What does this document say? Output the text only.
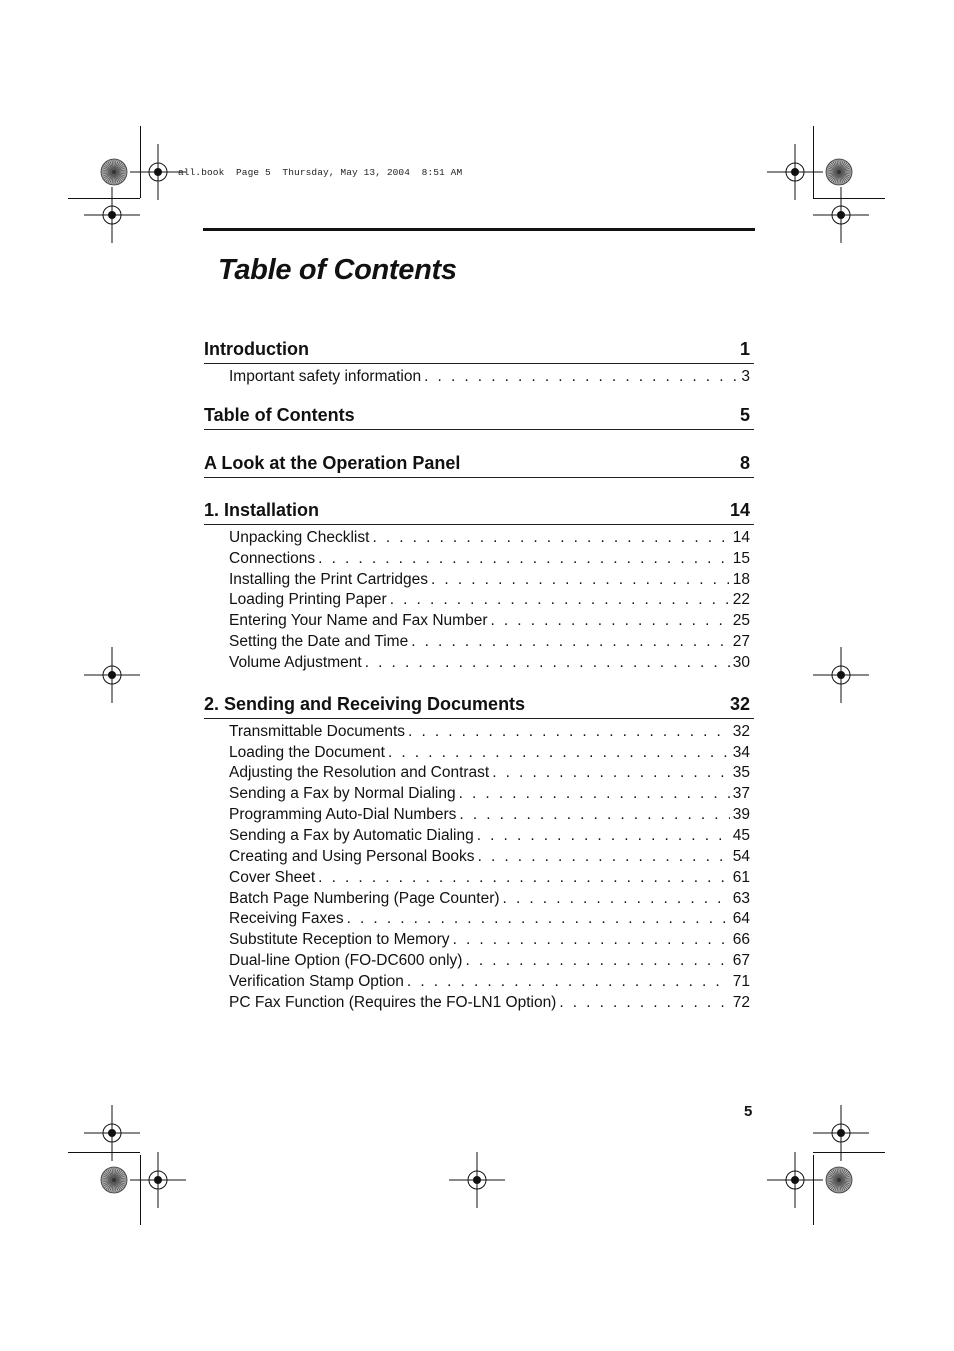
all.book  Page 5  Thursday, May 13, 2004  8:51 AM
Table of Contents
Introduction	1
Important safety information . . .	3
Table of Contents	5
A Look at the Operation Panel	8
1. Installation	14
Unpacking Checklist . . .	14
Connections . . .	15
Installing the Print Cartridges . . .	18
Loading Printing Paper . . .	22
Entering Your Name and Fax Number . . .	25
Setting the Date and Time . . .	27
Volume Adjustment . . .	30
2. Sending and Receiving Documents	32
Transmittable Documents . . .	32
Loading the Document . . .	34
Adjusting the Resolution and Contrast . . .	35
Sending a Fax by Normal Dialing . . .	37
Programming Auto-Dial Numbers . . .	39
Sending a Fax by Automatic Dialing . . .	45
Creating and Using Personal Books . . .	54
Cover Sheet . . .	61
Batch Page Numbering (Page Counter) . . .	63
Receiving Faxes . . .	64
Substitute Reception to Memory . . .	66
Dual-line Option (FO-DC600 only) . . .	67
Verification Stamp Option . . .	71
PC Fax Function (Requires the FO-LN1 Option) . . .	72
5
